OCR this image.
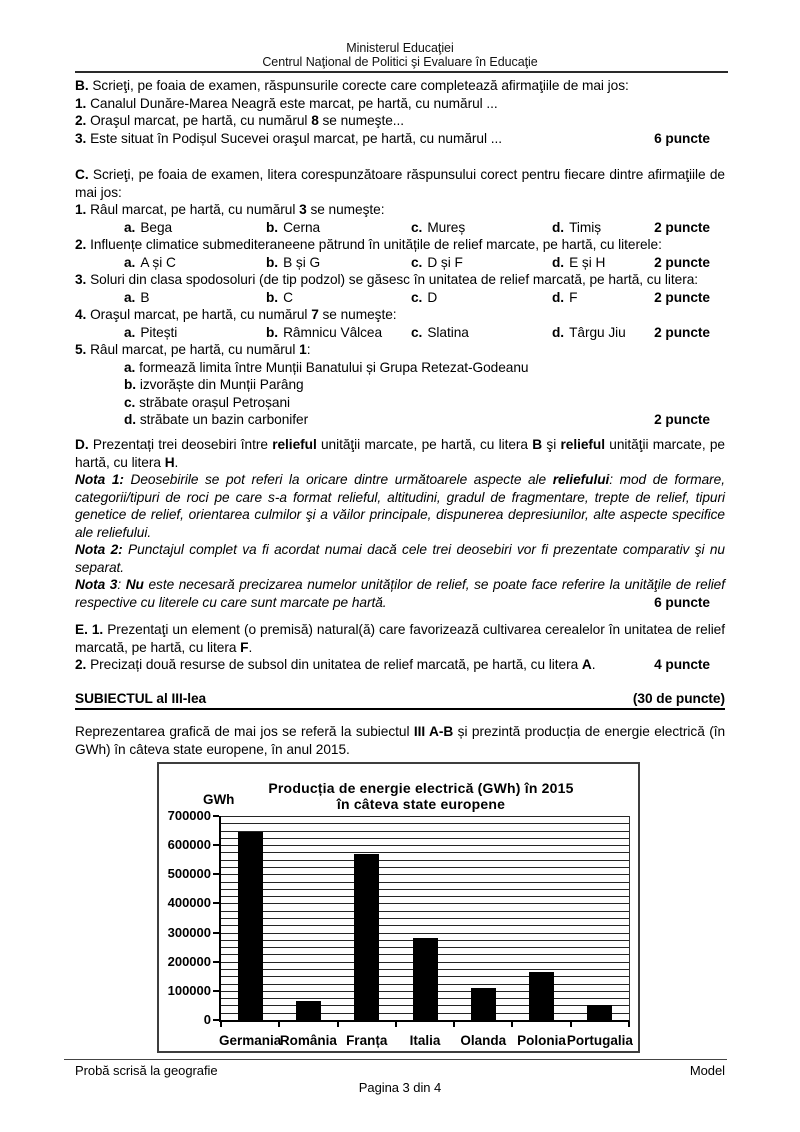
Ministerul Educaţiei
Centrul Naţional de Politici şi Evaluare în Educaţie
B. Scrieţi, pe foaia de examen, răspunsurile corecte care completează afirmaţiile de mai jos:
1. Canalul Dunăre-Marea Neagră este marcat, pe hartă, cu numărul ...
2. Oraşul marcat, pe hartă, cu numărul 8 se numeşte...
3. Este situat în Podișul Sucevei oraşul marcat, pe hartă, cu numărul ...	6 puncte
C. Scrieţi, pe foaia de examen, litera corespunzătoare răspunsului corect pentru fiecare dintre afirmaţiile de mai jos:
1. Râul marcat, pe hartă, cu numărul 3 se numeşte:
a. Bega	b. Cerna	c. Mureș	d. Timiș	2 puncte
2. Influențe climatice submediteraneene pătrund în unitățile de relief marcate, pe hartă, cu literele:
a. A și C	b. B și G	c. D și F	d. E și H	2 puncte
3. Soluri din clasa spodosoluri (de tip podzol) se găsesc în unitatea de relief marcată, pe hartă, cu litera:
a. B	b. C	c. D	d. F	2 puncte
4. Oraşul marcat, pe hartă, cu numărul 7 se numeşte:
a. Pitești	b. Râmnicu Vâlcea c. Slatina	d. Târgu Jiu 2 puncte
5. Râul marcat, pe hartă, cu numărul 1:
a. formează limita între Munții Banatului și Grupa Retezat-Godeanu
b. izvorăște din Munții Parâng
c. străbate orașul Petroșani
d. străbate un bazin carbonifer	2 puncte
D. Prezentați trei deosebiri între relieful unităţii marcate, pe hartă, cu litera B şi relieful unităţii marcate, pe hartă, cu litera H.
Nota 1: Deosebirile se pot referi la oricare dintre următoarele aspecte ale reliefului: mod de formare, categorii/tipuri de roci pe care s-a format relieful, altitudini, gradul de fragmentare, trepte de relief, tipuri genetice de relief, orientarea culmilor şi a văilor principale, dispunerea depresiunilor, alte aspecte specifice ale reliefului.
Nota 2: Punctajul complet va fi acordat numai dacă cele trei deosebiri vor fi prezentate comparativ şi nu separat.
Nota 3: Nu este necesară precizarea numelor unităților de relief, se poate face referire la unităţile de relief respective cu literele cu care sunt marcate pe hartă.	6 puncte
E. 1. Prezentaţi un element (o premisă) natural(ă) care favorizează cultivarea cerealelor în unitatea de relief marcată, pe hartă, cu litera F.
2. Precizați două resurse de subsol din unitatea de relief marcată, pe hartă, cu litera A.	4 puncte
SUBIECTUL al III-lea	(30 de puncte)
Reprezentarea grafică de mai jos se referă la subiectul III A-B și prezintă producția de energie electrică (în GWh) în câteva state europene, în anul 2015.
Producția de energie electrică (GWh) în 2015
în câteva state europene
GWh
0
100000
200000
300000
400000
500000
600000
700000
Germania
România Franța	Italia	Olanda Polonia Portugalia
Probă scrisă la geografie	Model
Pagina 3 din 4
